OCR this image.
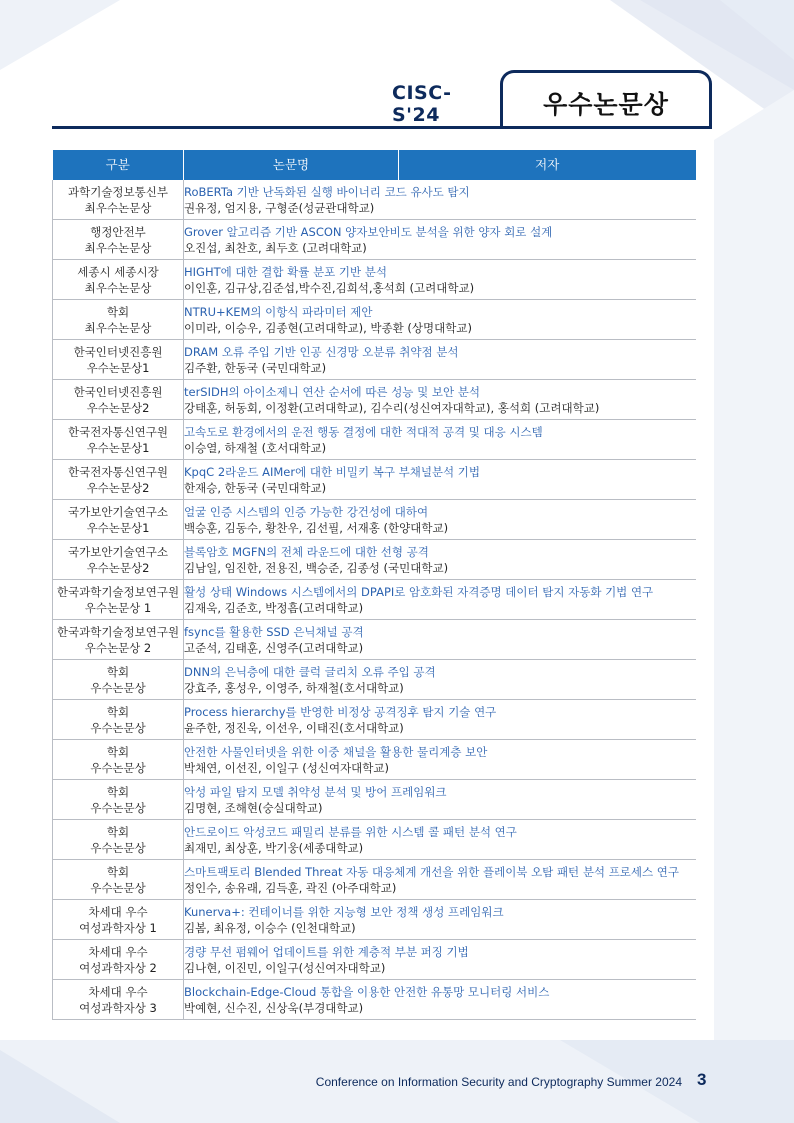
CISC-S'24	우수논문상
구분	논문명	저자

과학기술정보통신부
최우수논문상	RoBERTa 기반 난독화된 실행 바이너리 코드 유사도 탐지
권유정, 엄지용, 구형준(성균관대학교)	

행정안전부
최우수논문상	Grover 알고리즘 기반 ASCON 양자보안비도 분석을 위한 양자 회로 설계
오진섭, 최찬호, 최두호 (고려대학교)	

세종시 세종시장
최우수논문상	HIGHT에 대한 결합 확률 분포 기반 분석
이인훈, 김규상,김준섭,박수진,김희석,홍석희 (고려대학교)	

학회
최우수논문상	NTRU+KEM의 이항식 파라미터 제안
이미라, 이승우, 김종현(고려대학교), 박종환 (상명대학교)	

한국인터넷진흥원
우수논문상1	DRAM 오류 주입 기반 인공 신경망 오분류 취약점 분석
김주환, 한동국 (국민대학교)	

한국인터넷진흥원
우수논문상2	terSIDH의 아이소제니 연산 순서에 따른 성능 및 보안 분석
강태훈, 허동회, 이정환(고려대학교), 김수리(성신여자대학교), 홍석희 (고려대학교)	

한국전자통신연구원
우수논문상1	고속도로 환경에서의 운전 행동 결정에 대한 적대적 공격 및 대응 시스템
이승열, 하재철 (호서대학교)	

한국전자통신연구원
우수논문상2	KpqC 2라운드 AIMer에 대한 비밀키 복구 부채널분석 기법
한재승, 한동국 (국민대학교)	

국가보안기술연구소
우수논문상1	얼굴 인증 시스템의 인증 가능한 강건성에 대하여
백승훈, 김동수, 황찬우, 김선필, 서재홍 (한양대학교)	

국가보안기술연구소
우수논문상2	블록암호 MGFN의 전체 라운드에 대한 선형 공격
김남일, 임진한, 전용진, 백승준, 김종성 (국민대학교)	

한국과학기술정보연구원
우수논문상 1	활성 상태 Windows 시스템에서의 DPAPI로 암호화된 자격증명 데이터 탐지 자동화 기법 연구
김재욱, 김준호, 박정흠(고려대학교)	

한국과학기술정보연구원
우수논문상 2	fsync를 활용한 SSD 은닉채널 공격
고준석, 김태훈, 신영주(고려대학교)	

학회
우수논문상	DNN의 은닉층에 대한 클럭 글리치 오류 주입 공격
강효주, 홍성우, 이영주, 하재철(호서대학교)	

학회
우수논문상	Process hierarchy를 반영한 비정상 공격징후 탐지 기술 연구
윤주한, 정진욱, 이선우, 이태진(호서대학교)	

학회
우수논문상	안전한 사물인터넷을 위한 이중 채널을 활용한 물리계층 보안
박채연, 이선진, 이일구 (성신여자대학교)	

학회
우수논문상	악성 파일 탐지 모델 취약성 분석 및 방어 프레임워크
김명현, 조해현(숭실대학교)	

학회
우수논문상	안드로이드 악성코드 패밀리 분류를 위한 시스템 콜 패턴 분석 연구
최재민, 최상훈, 박기웅(세종대학교)	

학회
우수논문상	스마트팩토리 Blended Threat 자동 대응체계 개선을 위한 플레이북 오탐 패턴 분석 프로세스 연구
정인수, 송유래, 김득훈, 곽진 (아주대학교)	

차세대 우수
여성과학자상 1	Kunerva+: 컨테이너를 위한 지능형 보안 정책 생성 프레임워크
김봄, 최유정, 이승수 (인천대학교)	

차세대 우수
여성과학자상 2	경량 무선 펌웨어 업데이트를 위한 계층적 부분 퍼징 기법
김나현, 이진민, 이일구(성신여자대학교)	

차세대 우수
여성과학자상 3	Blockchain-Edge-Cloud 통합을 이용한 안전한 유통망 모니터링 서비스
박예현, 신수진, 신상욱(부경대학교)	
Conference on Information Security and Cryptography Summer 2024 3
